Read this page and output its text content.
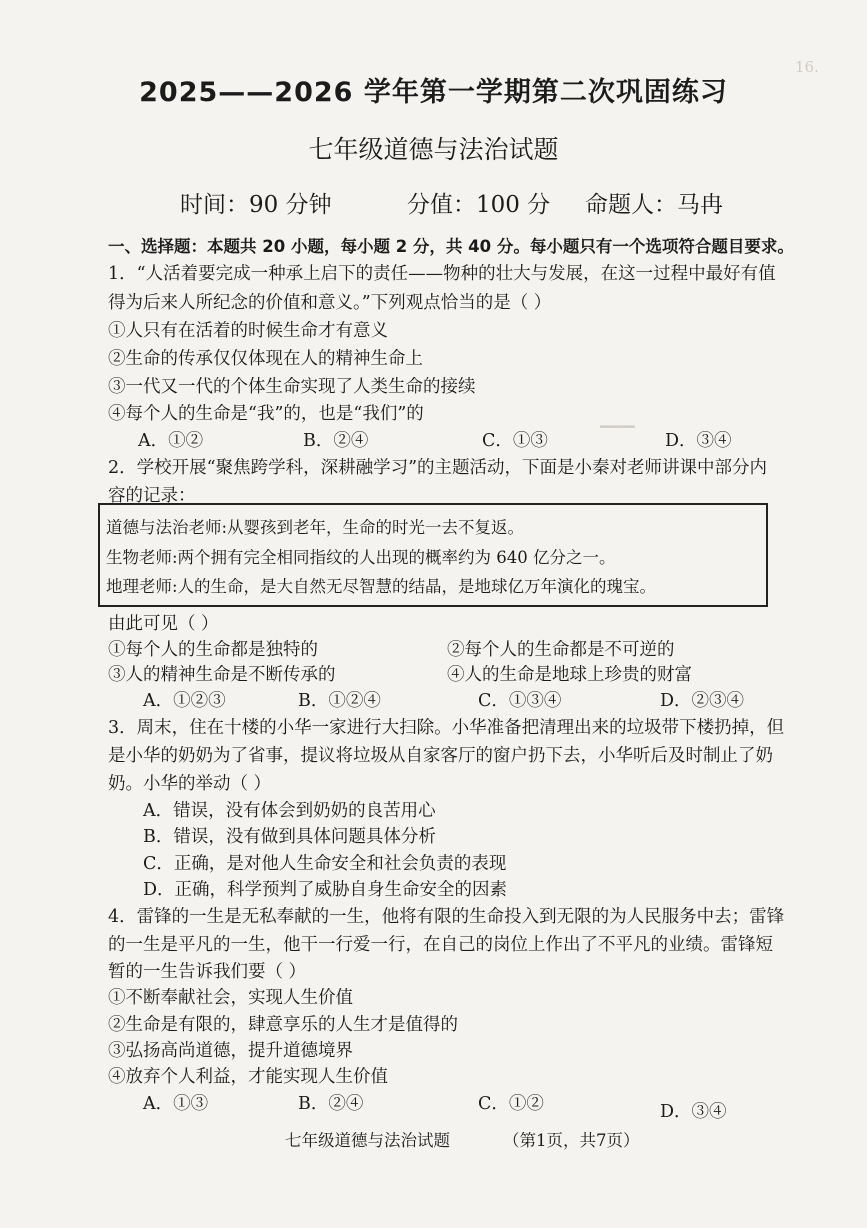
16.
▁▁▁
2025——2026 学年第一学期第二次巩固练习
七年级道德与法治试题
时间：90 分钟	分值：100 分 命题人：马冉
一、选择题：本题共 20 小题，每小题 2 分，共 40 分。每小题只有一个选项符合题目要求。
1．“人活着要完成一种承上启下的责任——物种的壮大与发展，在这一过程中最好有值
得为后来人所纪念的价值和意义。”下列观点恰当的是（ ）
①人只有在活着的时候生命才有意义
②生命的传承仅仅体现在人的精神生命上
③一代又一代的个体生命实现了人类生命的接续
④每个人的生命是“我”的，也是“我们”的
A．①②	B．②④	C．①③	D．③④
2．学校开展“聚焦跨学科，深耕融学习”的主题活动，下面是小秦对老师讲课中部分内
容的记录：
道德与法治老师:从婴孩到老年，生命的时光一去不复返。
生物老师:两个拥有完全相同指纹的人出现的概率约为 640 亿分之一。
地理老师:人的生命，是大自然无尽智慧的结晶，是地球亿万年演化的瑰宝。
由此可见（ ）
①每个人的生命都是独特的	②每个人的生命都是不可逆的
③人的精神生命是不断传承的	④人的生命是地球上珍贵的财富
A．①②③	B．①②④	C．①③④	D．②③④
3．周末，住在十楼的小华一家进行大扫除。小华准备把清理出来的垃圾带下楼扔掉，但
是小华的奶奶为了省事，提议将垃圾从自家客厅的窗户扔下去，小华听后及时制止了奶
奶。小华的举动（ ）
A．错误，没有体会到奶奶的良苦用心
B．错误，没有做到具体问题具体分析
C．正确，是对他人生命安全和社会负责的表现
D．正确，科学预判了威胁自身生命安全的因素
4．雷锋的一生是无私奉献的一生，他将有限的生命投入到无限的为人民服务中去；雷锋
的一生是平凡的一生，他干一行爱一行，在自己的岗位上作出了不平凡的业绩。雷锋短
暂的一生告诉我们要（ ）
①不断奉献社会，实现人生价值
②生命是有限的，肆意享乐的人生才是值得的
③弘扬高尚道德，提升道德境界
④放弃个人利益，才能实现人生价值
A．①③	B．②④	C．①②	D．③④
七年级道德与法治试题	（第1页，共7页）
